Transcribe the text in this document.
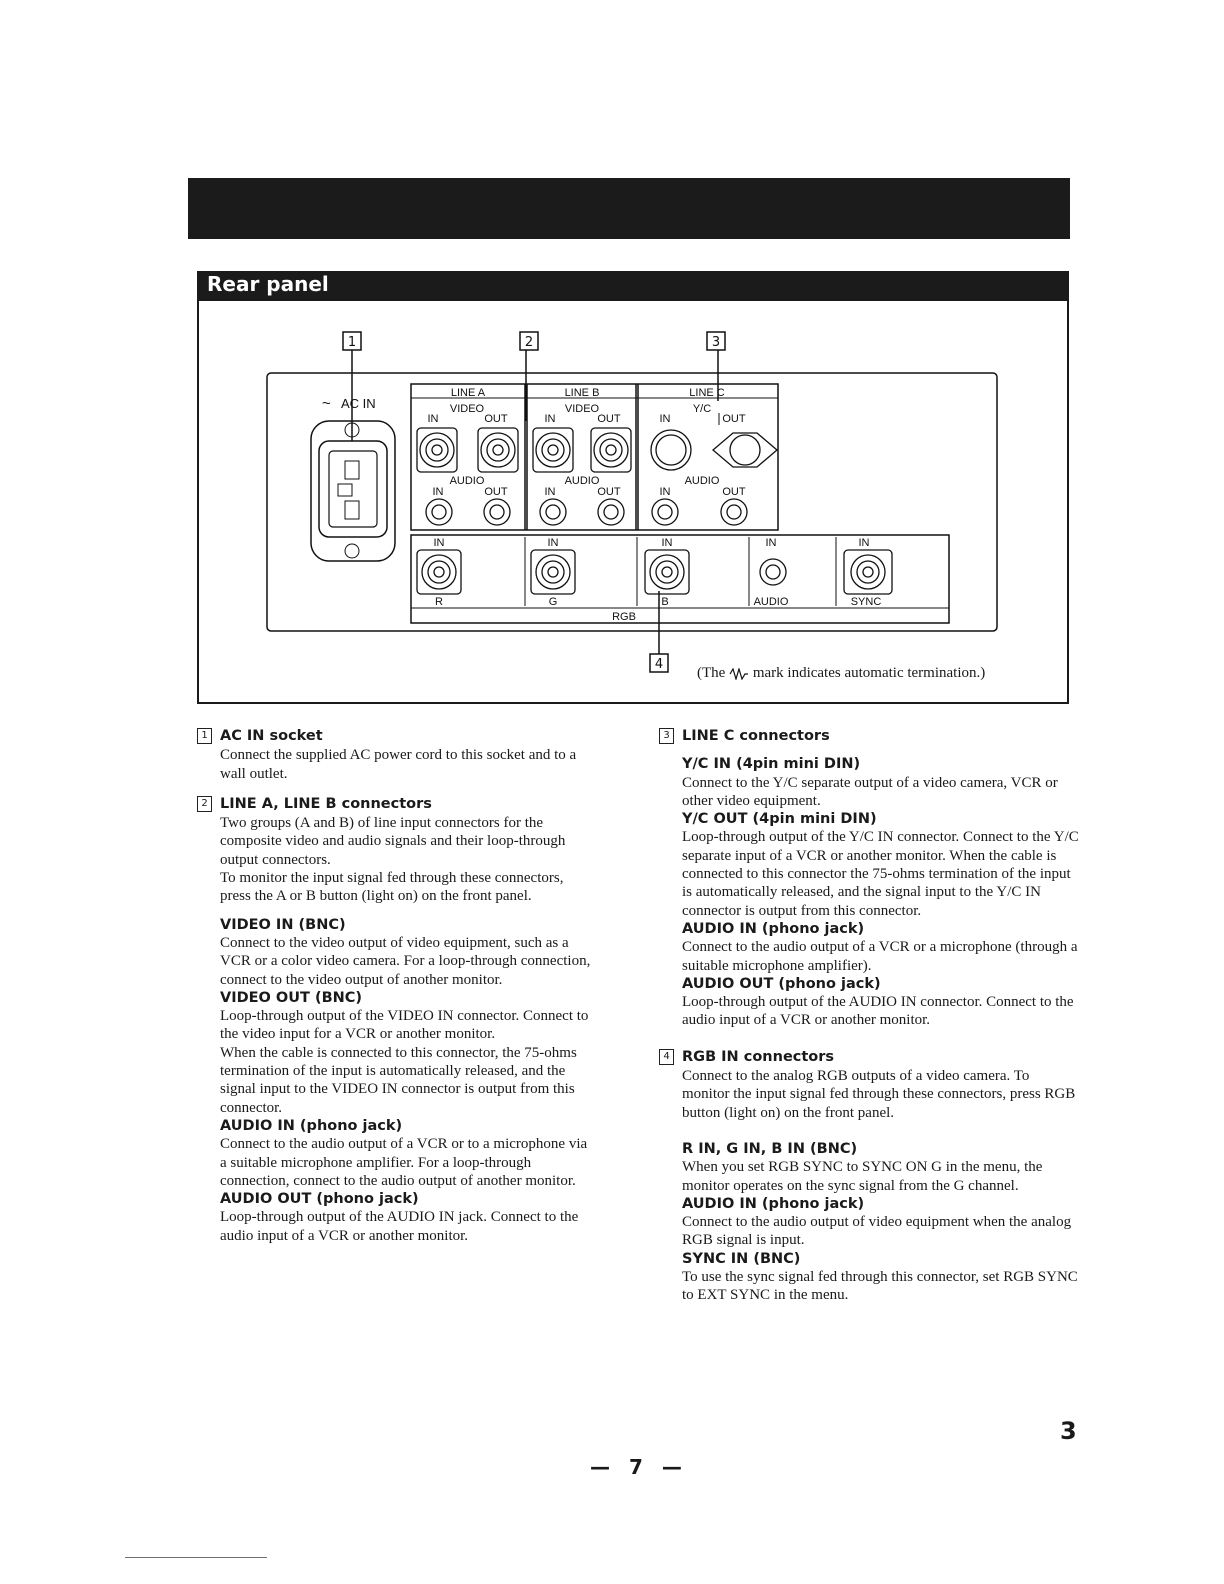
Rear panel
1	2	3
4
~ AC IN
LINE A	LINE B	LINE C
VIDEO	VIDEO	Y/C
IN	OUT	IN	OUT	IN	OUT
AUDIO	AUDIO	AUDIO
IN	OUT	IN	OUT	IN	OUT
IN	IN	IN	IN	IN
R	G	B	AUDIO	SYNC
RGB
(The  mark indicates automatic termination.)
1 AC IN socket
Connect the supplied AC power cord to this socket and to a wall outlet.
2 LINE A, LINE B connectors
Two groups (A and B) of line input connectors for the composite video and audio signals and their loop-through output connectors.
To monitor the input signal fed through these connectors, press the A or B button (light on) on the front panel.
VIDEO IN (BNC)
Connect to the video output of video equipment, such as a VCR or a color video camera. For a loop-through connection, connect to the video output of another monitor.
VIDEO OUT (BNC)
Loop-through output of the VIDEO IN connector. Connect to the video input for a VCR or another monitor.
When the cable is connected to this connector, the 75-ohms termination of the input is automatically released, and the signal input to the VIDEO IN connector is output from this connector.
AUDIO IN (phono jack)
Connect to the audio output of a VCR or to a microphone via a suitable microphone amplifier. For a loop-through connection, connect to the audio output of another monitor.
AUDIO OUT (phono jack)
Loop-through output of the AUDIO IN jack. Connect to the audio input of a VCR or another monitor.
3 LINE C connectors
Y/C IN (4pin mini DIN)
Connect to the Y/C separate output of a video camera, VCR or other video equipment.
Y/C OUT (4pin mini DIN)
Loop-through output of the Y/C IN connector. Connect to the Y/C separate input of a VCR or another monitor. When the cable is connected to this connector the 75-ohms termination of the input is automatically released, and the signal input to the Y/C IN connector is output from this connector.
AUDIO IN (phono jack)
Connect to the audio output of a VCR or a microphone (through a suitable microphone amplifier).
AUDIO OUT (phono jack)
Loop-through output of the AUDIO IN connector. Connect to the audio input of a VCR or another monitor.
4 RGB IN connectors
Connect to the analog RGB outputs of a video camera. To monitor the input signal fed through these connectors, press RGB button (light on) on the front panel.
R IN, G IN, B IN (BNC)
When you set RGB SYNC to SYNC ON G in the menu, the monitor operates on the sync signal from the G channel.
AUDIO IN (phono jack)
Connect to the audio output of video equipment when the analog RGB signal is input.
SYNC IN (BNC)
To use the sync signal fed through this connector, set RGB SYNC to EXT SYNC in the menu.
3
— 7 —
